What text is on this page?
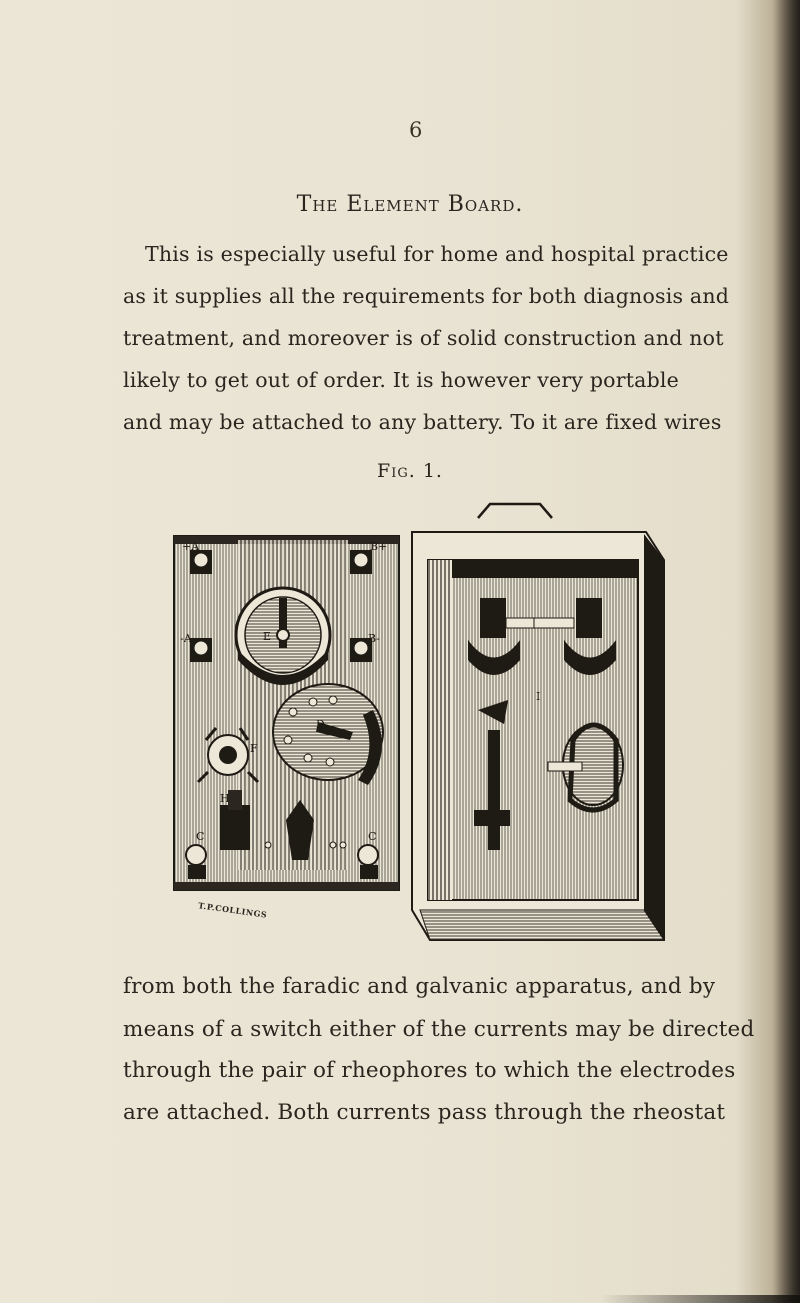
6
The Element Board.
This is especially useful for home and hospital practice
as it supplies all the requirements for both diagnosis and
treatment, and moreover is of solid construction and not
likely to get out of order. It is however very portable
and may be attached to any battery. To it are fixed wires
Fig. 1.
+A	B+
-A	B-
E
D
F
H
G
C	C
I
T.P.COLLINGS
from both the faradic and galvanic apparatus, and by
means of a switch either of the currents may be directed
through the pair of rheophores to which the electrodes
are attached. Both currents pass through the rheostat
